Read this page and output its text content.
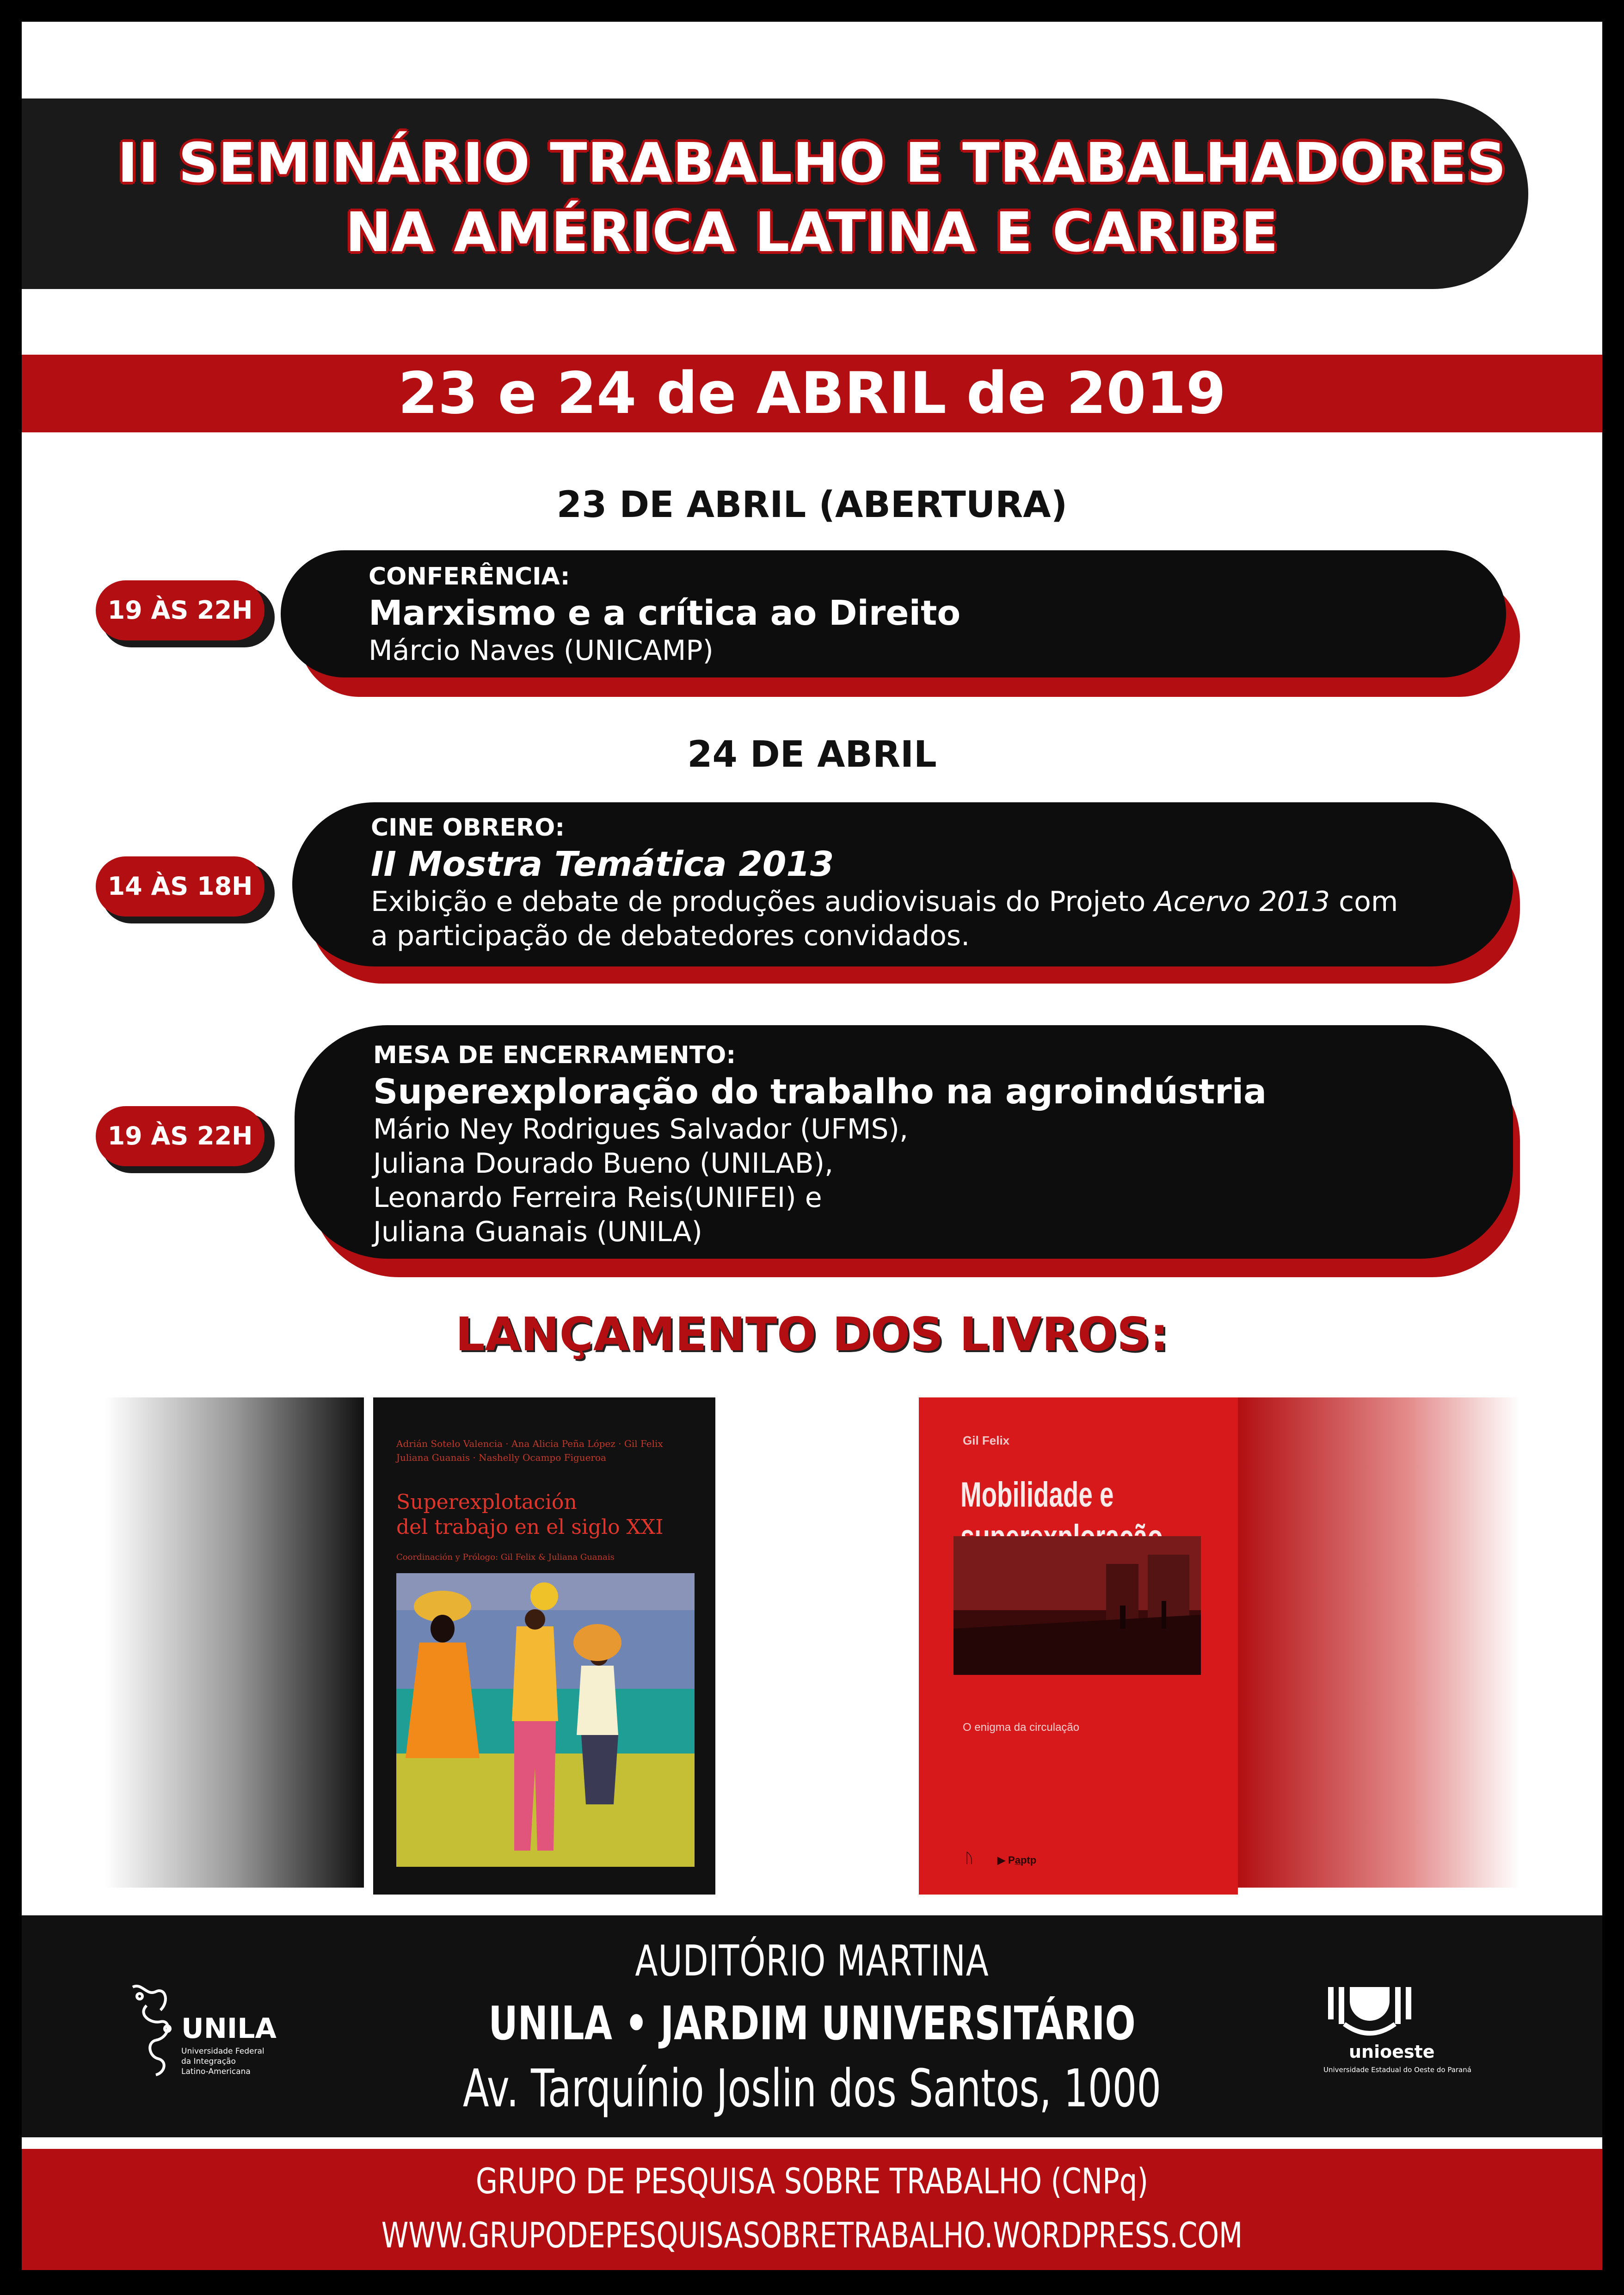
II SEMINÁRIO TRABALHO E TRABALHADORES
NA AMÉRICA LATINA E CARIBE
23 e 24 de ABRIL de 2019
23 DE ABRIL (ABERTURA)
CONFERÊNCIA:
Marxismo e a crítica ao Direito
Márcio Naves (UNICAMP)
19 ÀS 22H
24 DE ABRIL
CINE OBRERO:
II Mostra Temática 2013
Exibição e debate de produções audiovisuais do Projeto Acervo 2013 com
a participação de debatedores convidados.
14 ÀS 18H
MESA DE ENCERRAMENTO:
Superexploração do trabalho na agroindústria
Mário Ney Rodrigues Salvador (UFMS),
Juliana Dourado Bueno (UNILAB),
Leonardo Ferreira Reis(UNIFEI) e
Juliana Guanais (UNILA)
19 ÀS 22H
LANÇAMENTO DOS LIVROS:
Adrián Sotelo Valencia · Ana Alicia Peña López · Gil Felix
Juliana Guanais · Nashelly Ocampo Figueroa
Superexplotación
del trabajo en el siglo XXI
Coordinación y Prólogo: Gil Felix & Juliana Guanais
Gil Felix
Mobilidade e
O enigma da circulação
ᚢ ▶ Pa̲ptp
UNILA
Universidade Federal
da Integração
Latino-Americana
AUDITÓRIO MARTINA
UNILA • JARDIM UNIVERSITÁRIO
Av. Tarquínio Joslin dos Santos, 1000
unioeste
Universidade Estadual do Oeste do Paraná
GRUPO DE PESQUISA SOBRE TRABALHO (CNPq)
WWW.GRUPODEPESQUISASOBRETRABALHO.WORDPRESS.COM
